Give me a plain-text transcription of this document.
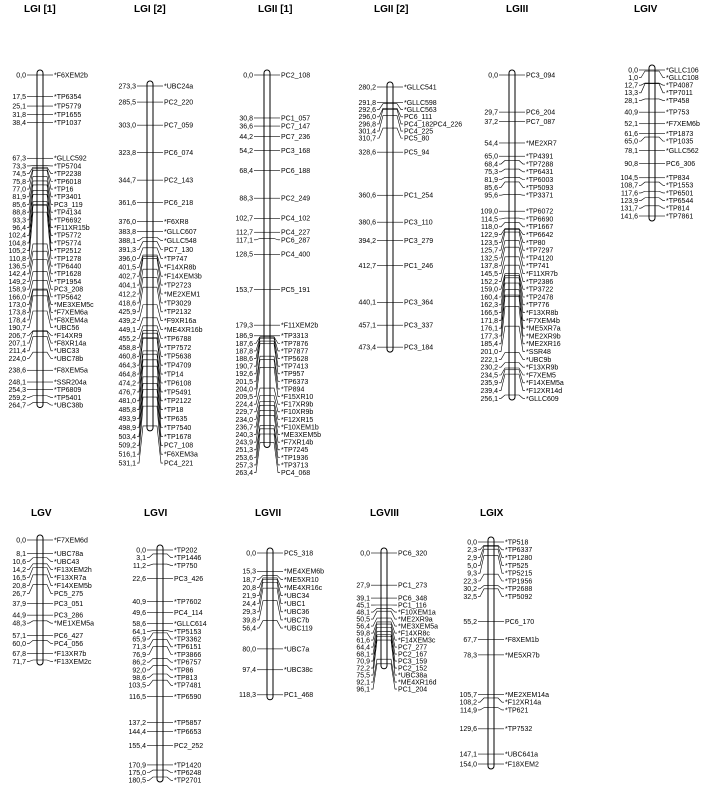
LGI [1]
0,0	*F6XEM2b
17,5	*TP6354
25,1	*TP5779
31,8	*TP1655
38,4	*TP1037
67,3	*GLLC592
73,3	*TP5704
74,5	*TP2238
75,8	*TP6018
77,0	*TP16
81,9	*TP3401
85,6	PC3_119
88,8	*TP4134
93,3	*TP6692
96,4	*F11XR15b
102,4	*TP5772
104,8	*TP5774
105,2	*TP2512
110,8	*TP1278
136,5	*TP6440
142,4	*TP1628
149,2	*TP1954
158,9	PC3_208
166,0	*TP5642
173,0	*ME3XEM5c
173,8	*F7XEM6a
178,4	*F8XEM4a
190,7	*UBC56
206,7	*F14XR9
207,1	*F8XR14a
211,4	*UBC33
224,0	*UBC78b
238,6	*F8XEM5a
248,1	*SSR204a
254,3	*TP6809
259,2	*TP5401
264,7	*UBC38b
LGI [2]
273,3	*UBC24a
285,5	PC2_220
303,0	PC7_059
323,8	PC6_074
344,7	PC2_143
361,6	PC6_218
376,0	*F6XR8
383,8	*GLLC607
388,1	*GLLC548
391,3	PC7_130
396,0	*TP747
401,5	*F14XR8b
402,7	*F14XEM3b
404,1	*TP2723
412,2	*ME2XEM1
418,6	*TP3029
425,9	*TP2132
439,2	*F9XR16a
449,1	*ME4XR16b
455,2	*TP6788
458,8	*TP7572
460,8	*TP5638
464,3	*TP4709
464,8	*TP14
474,2	*TP6108
476,7	*TP5491
481,0	*TP2122
485,8	*TP18
493,9	*TP635
498,9	*TP7540
503,4	*TP1678
509,2	PC7_108
516,1	*F6XEM3a
531,1	PC4_221
LGII [1]
0,0	PC2_108
30,8	PC1_057
36,6	PC7_147
44,2	PC7_236
54,2	PC3_168
68,4	PC6_188
88,3	PC2_249
102,7	PC4_102
112,7	PC4_227
117,1	PC6_287
128,5	PC4_400
153,7	PC5_191
179,3	*F11XEM2b
186,9	*TP3313
187,6	*TP7876
187,8	*TP7877
188,6	*TP5628
190,7	*TP7413
192,6	*TP957
201,5	*TP6373
204,0	*TP894
209,5	*F15XR10
224,4	*F17XR9b
229,7	*F10XR9b
234,0	*F12XR15
236,7	*F10XEM1b
240,3	*ME3XEM5b
243,9	*F7XR14b
251,3	*TP7245
253,6	*TP1936
257,3	*TP3713
263,4	PC4_068
LGII [2]
280,2	*GLLC541
291,8	*GLLC598
292,6	*GLLC563
296,0	PC6_111
296,8	PC4_182 PC4_226
301,4	PC4_225
310,7	PC5_80
328,6	PC5_94
360,6	PC1_254
380,6	PC3_110
394,2	PC3_279
412,7	PC1_246
440,1	PC3_364
457,1	PC3_337
473,4	PC3_184
LGIII
0,0	PC3_094
29,7	PC6_204
37,2	PC7_087
54,4	*ME2XR7
65,0	*TP4391
68,4	*TP7288
75,3	*TP6431
81,9	*TP6003
85,6	*TP5093
95,6	*TP3371
109,0	*TP6072
114,5	*TP6690
118,0	*TP1667
122,9	*TP6642
123,5	*TP80
125,7	*TP7297
132,5	*TP4120
137,8	*TP741
145,5	*F11XR7b
152,2	*TP2386
159,0	*TP3722
160,4	*TP2478
162,3	*TP776
166,5	*F13XR8b
171,8	*F7XEM4b
176,1	*ME5XR7a
177,3	*ME2XR9b
185,4	*ME2XR16
201,0	*SSR48
222,1	*UBC9b
230,2	*F13XR9b
234,5	*F7XEM5
235,9	*F14XEM5a
239,4	*F12XR14d
256,1	*GLLC609
LGIV
0,0	*GLLC106
1,0	*GLLC108
12,7	*TP4087
13,3	*TP7011
28,1	*TP458
40,9	*TP753
52,1	*F7XEM6b
61,6	*TP1873
65,0	*TP1035
78,1	*GLLC562
90,8	PC6_306
104,5	*TP834
108,7	*TP1553
117,6	*TP6501
123,9	*TP6544
131,7	*TP814
141,6	*TP7861
LGV
0,0	*F7XEM6d
8,1	*UBC78a
10,6	*UBC43
14,2	*F13XEM2h
16,5	*F13XR7a
20,8	*F14XEM5b
26,7	PC5_275
37,9	PC3_051
44,9	PC3_286
48,3	*ME1XEM5a
57,1	PC6_427
60,0	PC4_056
67,8	*F13XR7b
71,7	*F13XEM2c
LGVI
0,0	*TP202
3,1	*TP1446
11,2	*TP750
22,6	PC3_426
40,9	*TP7602
49,6	PC4_114
58,6	*GLLC614
64,1	*TP5153
65,9	*TP3362
71,3	*TP6151
76,9	*TP3866
86,2	*TP6757
92,0	*TP86
98,6	*TP813
103,5	*TP7481
116,5	*TP6590
137,2	*TP5857
144,4	*TP6653
155,4	PC2_252
170,9	*TP1420
175,0	*TP6248
180,5	*TP2701
LGVII
0,0	PC5_318
15,3	*ME4XEM6b
18,7	*ME5XR10
20,8	*ME4XR16c
21,9	*UBC34
24,4	*UBC1
29,3	*UBC36
39,8	*UBC7b
56,4	*UBC119
80,0	*UBC7a
97,4	*UBC38c
118,3	PC1_468
LGVIII
0,0	PC6_320
27,9	PC1_273
39,1	PC6_348
45,1	PC1_116
48,1	*F10XEM1a
50,5	*ME2XR9a
56,4	*ME3XEM5a
59,8	*F14XR8c
61,6	*F14XEM3c
64,4	PC7_277
68,1	PC2_167
70,9	PC3_159
72,2	PC2_152
75,5	*UBC38a
92,1	*ME4XR16d
96,1	PC1_204
LGIX
0,0	*TP518
2,3	*TP6337
2,9	*TP1280
5,0	*TP525
9,3	*TP5215
22,3	*TP1956
30,2	*TP2688
32,5	*TP5092
55,2	PC6_170
67,7	*F8XEM1b
78,3	*ME5XR7b
105,7	*ME2XEM14a
108,2	*F12XR14a
114,9	*TP621
129,6	*TP7532
147,1	*UBC641a
154,0	*F18XEM2
